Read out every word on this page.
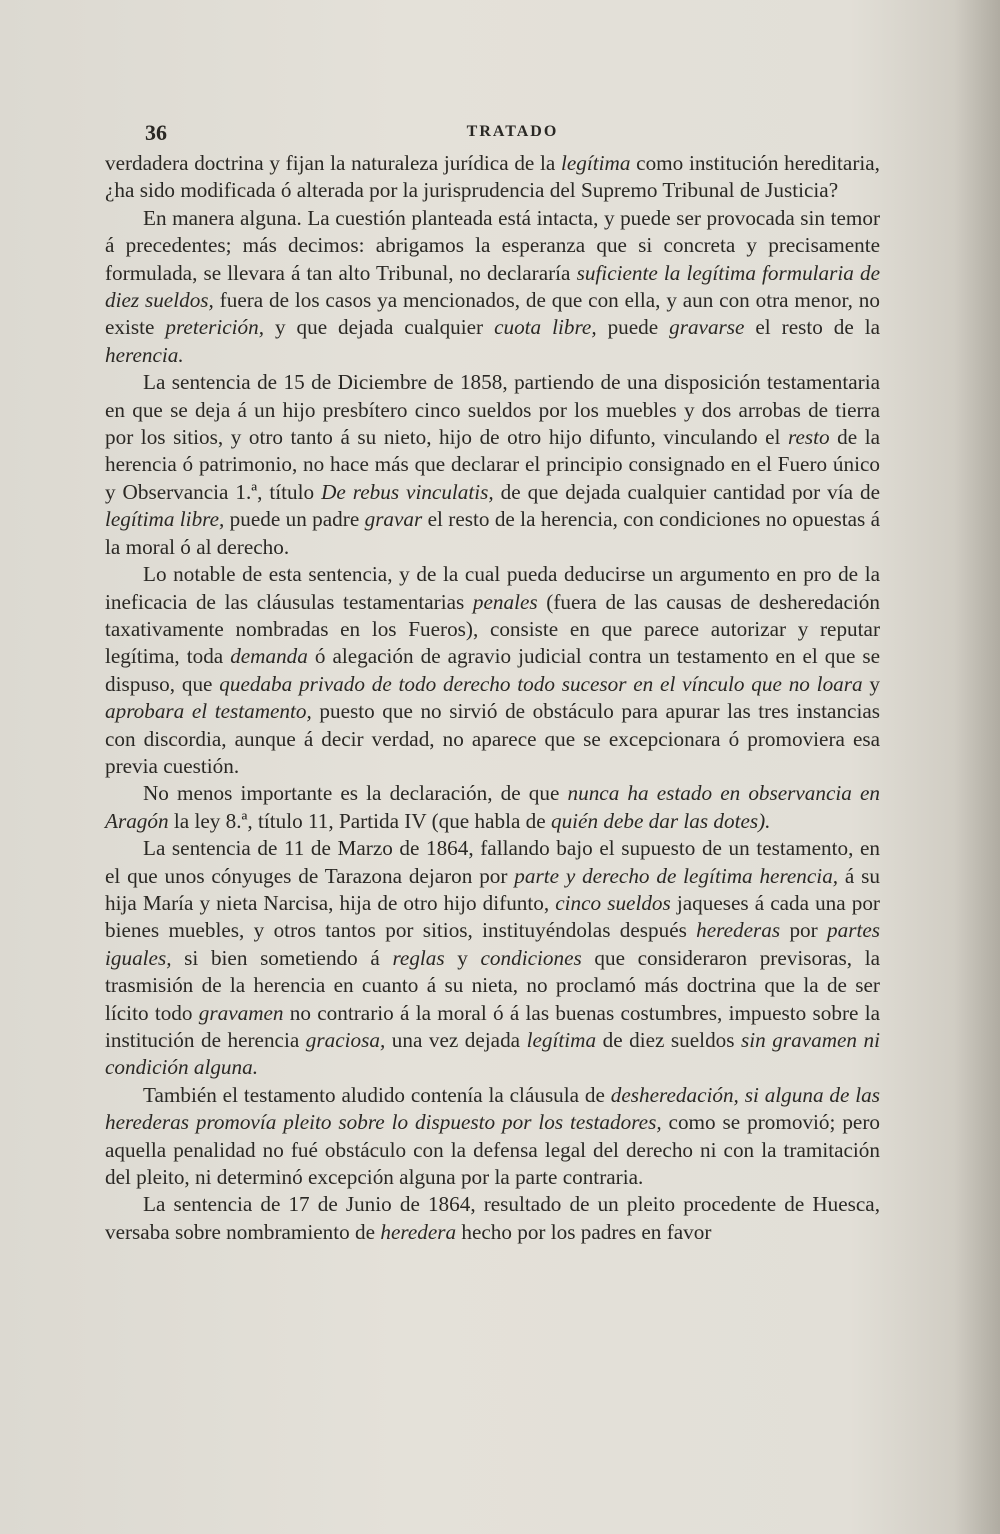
36	TRATADO

verdadera doctrina y fijan la naturaleza jurídica de la legítima como institución hereditaria, ¿ha sido modificada ó alterada por la jurisprudencia del Supremo Tribunal de Justicia?

En manera alguna. La cuestión planteada está intacta, y puede ser provocada sin temor á precedentes; más decimos: abrigamos la esperanza que si concreta y precisamente formulada, se llevara á tan alto Tribunal, no declararía suficiente la legítima formularia de diez sueldos, fuera de los casos ya mencionados, de que con ella, y aun con otra menor, no existe preterición, y que dejada cualquier cuota libre, puede gravarse el resto de la herencia.

La sentencia de 15 de Diciembre de 1858, partiendo de una disposición testamentaria en que se deja á un hijo presbítero cinco sueldos por los muebles y dos arrobas de tierra por los sitios, y otro tanto á su nieto, hijo de otro hijo difunto, vinculando el resto de la herencia ó patrimonio, no hace más que declarar el principio consignado en el Fuero único y Observancia 1.ª, título De rebus vinculatis, de que dejada cualquier cantidad por vía de legítima libre, puede un padre gravar el resto de la herencia, con condiciones no opuestas á la moral ó al derecho.

Lo notable de esta sentencia, y de la cual pueda deducirse un argumento en pro de la ineficacia de las cláusulas testamentarias penales (fuera de las causas de desheredación taxativamente nombradas en los Fueros), consiste en que parece autorizar y reputar legítima, toda demanda ó alegación de agravio judicial contra un testamento en el que se dispuso, que quedaba privado de todo derecho todo sucesor en el vínculo que no loara y aprobara el testamento, puesto que no sirvió de obstáculo para apurar las tres instancias con discordia, aunque á decir verdad, no aparece que se excepcionara ó promoviera esa previa cuestión.

No menos importante es la declaración, de que nunca ha estado en observancia en Aragón la ley 8.ª, título 11, Partida IV (que habla de quién debe dar las dotes).

La sentencia de 11 de Marzo de 1864, fallando bajo el supuesto de un testamento, en el que unos cónyuges de Tarazona dejaron por parte y derecho de legítima herencia, á su hija María y nieta Narcisa, hija de otro hijo difunto, cinco sueldos jaqueses á cada una por bienes muebles, y otros tantos por sitios, instituyéndolas después herederas por partes iguales, si bien sometiendo á reglas y condiciones que consideraron previsoras, la trasmisión de la herencia en cuanto á su nieta, no proclamó más doctrina que la de ser lícito todo gravamen no contrario á la moral ó á las buenas costumbres, impuesto sobre la institución de herencia graciosa, una vez dejada legítima de diez sueldos sin gravamen ni condición alguna.

También el testamento aludido contenía la cláusula de desheredación, si alguna de las herederas promovía pleito sobre lo dispuesto por los testadores, como se promovió; pero aquella penalidad no fué obstáculo con la defensa legal del derecho ni con la tramitación del pleito, ni determinó excepción alguna por la parte contraria.

La sentencia de 17 de Junio de 1864, resultado de un pleito procedente de Huesca, versaba sobre nombramiento de heredera hecho por los padres en favor
